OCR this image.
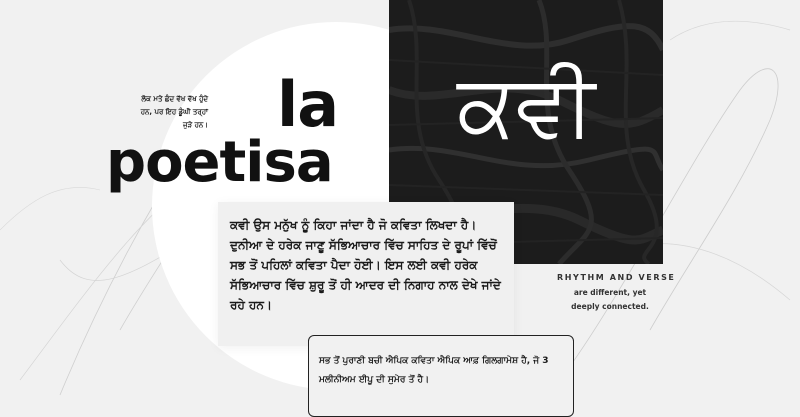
ਲੋਕ ਮਤੇ ਛੰਦ ਵੱਖ ਵੱਖ ਹੁੰਦੇ ਹਨ, ਪਰ ਇਹ ਡੂੰਘੀ ਤਰ੍ਹਾਂ ਜੁੜੇ ਹਨ। la
poetisa
ਕਵੀ
ਕਵੀ ਉਸ ਮਨੁੱਖ ਨੂੰ ਕਿਹਾ ਜਾਂਦਾ ਹੈ ਜੋ ਕਵਿਤਾ ਲਿਖਦਾ ਹੈ। ਦੁਨੀਆ ਦੇ ਹਰੇਕ ਜਾਣੂ ਸੱਭਿਆਚਾਰ ਵਿੱਚ ਸਾਹਿਤ ਦੇ ਰੂਪਾਂ ਵਿੱਚੋਂ ਸਭ ਤੋਂ ਪਹਿਲਾਂ ਕਵਿਤਾ ਪੈਦਾ ਹੋਈ। ਇਸ ਲਈ ਕਵੀ ਹਰੇਕ ਸੱਭਿਆਚਾਰ ਵਿੱਚ ਸ਼ੁਰੂ ਤੋਂ ਹੀ ਆਦਰ ਦੀ ਨਿਗਾਹ ਨਾਲ ਦੇਖੇ ਜਾਂਦੇ ਰਹੇ ਹਨ।
RHYTHM AND VERSE
are different, yet
deeply connected.
ਸਭ ਤੋਂ ਪੁਰਾਣੀ ਬਚੀ ਐਪਿਕ ਕਵਿਤਾ ਐਪਿਕ ਆਫ਼ ਗਿਲਗਾਮੇਸ਼ ਹੈ, ਜੋ 3 ਮਲੀਨੀਅਮ ਈਪੂ ਦੀ ਸੁਮੇਰ ਤੋਂ ਹੈ।
